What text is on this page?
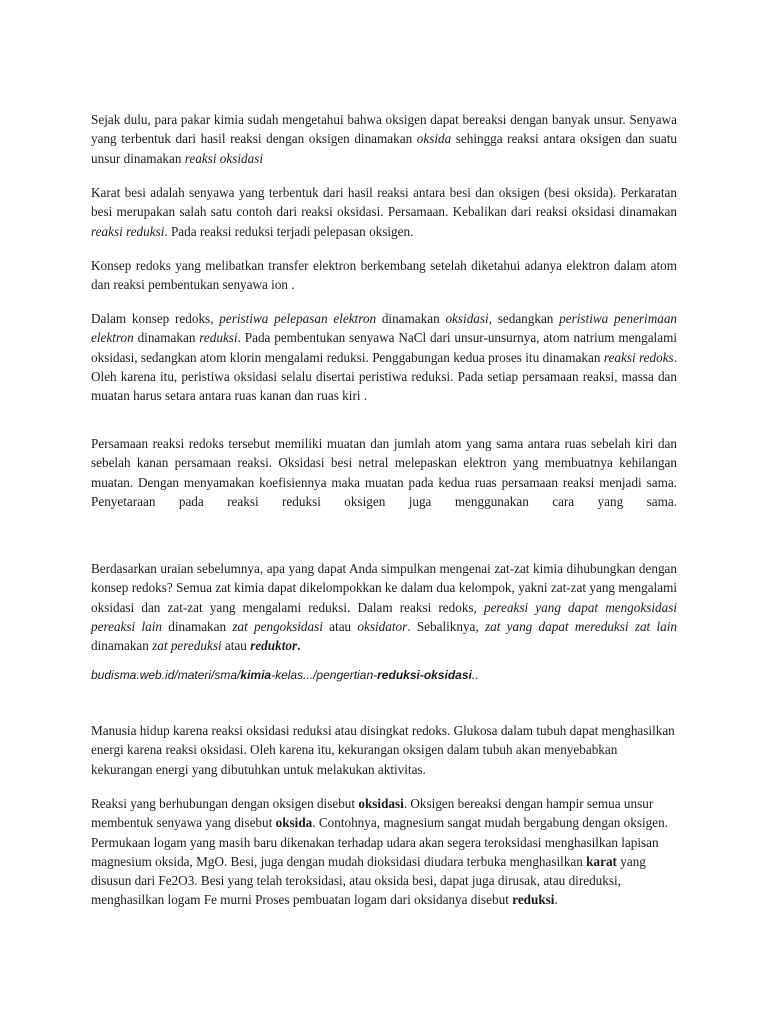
Sejak dulu, para pakar kimia sudah mengetahui bahwa oksigen dapat bereaksi dengan banyak unsur. Senyawa yang terbentuk dari hasil reaksi dengan oksigen dinamakan oksida sehingga reaksi antara oksigen dan suatu unsur dinamakan reaksi oksidasi

Karat besi adalah senyawa yang terbentuk dari hasil reaksi antara besi dan oksigen (besi oksida). Perkaratan besi merupakan salah satu contoh dari reaksi oksidasi. Persamaan. Kebalikan dari reaksi oksidasi dinamakan reaksi reduksi. Pada reaksi reduksi terjadi pelepasan oksigen.

Konsep redoks yang melibatkan transfer elektron berkembang setelah diketahui adanya elektron dalam atom dan reaksi pembentukan senyawa ion .

Dalam konsep redoks, peristiwa pelepasan elektron dinamakan oksidasi, sedangkan peristiwa penerimaan elektron dinamakan reduksi. Pada pembentukan senyawa NaCl dari unsur-unsurnya, atom natrium mengalami oksidasi, sedangkan atom klorin mengalami reduksi. Penggabungan kedua proses itu dinamakan reaksi redoks. Oleh karena itu, peristiwa oksidasi selalu disertai peristiwa reduksi. Pada setiap persamaan reaksi, massa dan muatan harus setara antara ruas kanan dan ruas kiri .

Persamaan reaksi redoks tersebut memiliki muatan dan jumlah atom yang sama antara ruas sebelah kiri dan sebelah kanan persamaan reaksi. Oksidasi besi netral melepaskan elektron yang membuatnya kehilangan muatan. Dengan menyamakan koefisiennya maka muatan pada kedua ruas persamaan reaksi menjadi sama. Penyetaraan pada reaksi reduksi oksigen juga menggunakan cara yang sama.

Berdasarkan uraian sebelumnya, apa yang dapat Anda simpulkan mengenai zat-zat kimia dihubungkan dengan konsep redoks? Semua zat kimia dapat dikelompokkan ke dalam dua kelompok, yakni zat-zat yang mengalami oksidasi dan zat-zat yang mengalami reduksi. Dalam reaksi redoks, pereaksi yang dapat mengoksidasi pereaksi lain dinamakan zat pengoksidasi atau oksidator. Sebaliknya, zat yang dapat mereduksi zat lain dinamakan zat pereduksi atau reduktor.

budisma.web.id/materi/sma/kimia-kelas.../pengertian-reduksi-oksidasi..

Manusia hidup karena reaksi oksidasi reduksi atau disingkat redoks. Glukosa dalam tubuh dapat menghasilkan energi karena reaksi oksidasi. Oleh karena itu, kekurangan oksigen dalam tubuh akan menyebabkan kekurangan energi yang dibutuhkan untuk melakukan aktivitas.

Reaksi yang berhubungan dengan oksigen disebut oksidasi. Oksigen bereaksi dengan hampir semua unsur membentuk senyawa yang disebut oksida. Contohnya, magnesium sangat mudah bergabung dengan oksigen. Permukaan logam yang masih baru dikenakan terhadap udara akan segera teroksidasi menghasilkan lapisan magnesium oksida, MgO. Besi, juga dengan mudah dioksidasi diudara terbuka menghasilkan karat yang disusun dari Fe2O3. Besi yang telah teroksidasi, atau oksida besi, dapat juga dirusak, atau direduksi, menghasilkan logam Fe murni Proses pembuatan logam dari oksidanya disebut reduksi.
